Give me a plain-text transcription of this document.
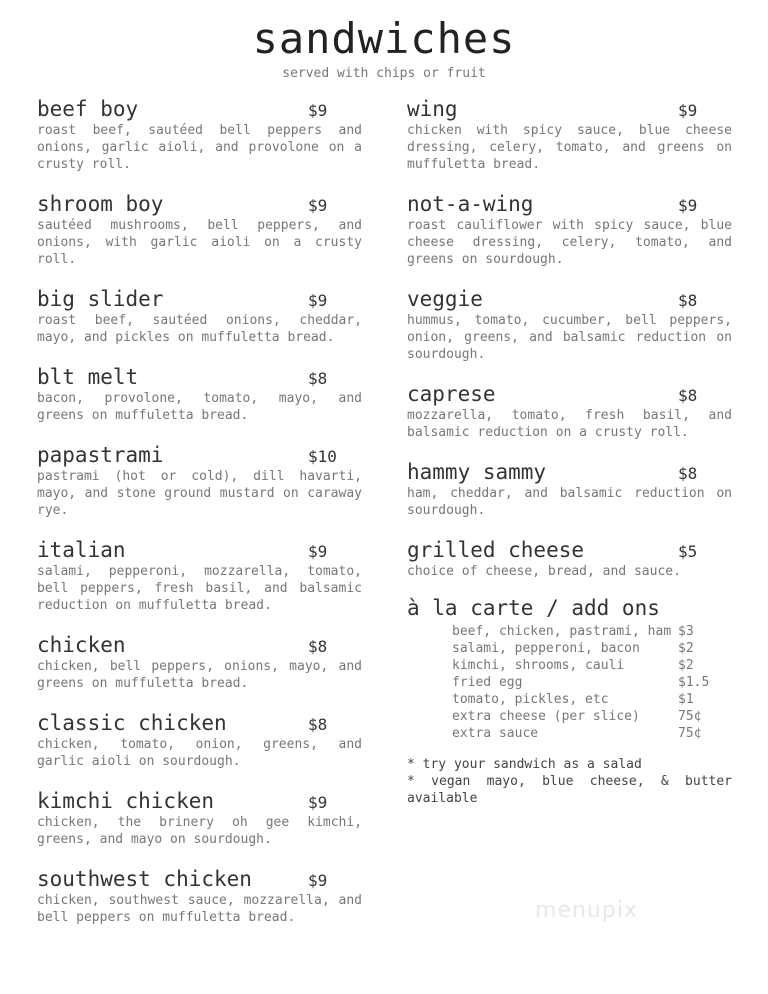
sandwiches
served with chips or fruit
beef boy	$9
roast beef, sautéed bell peppers and onions, garlic aioli, and provolone on a crusty roll.
shroom boy	$9
sautéed mushrooms, bell peppers, and onions, with garlic aioli on a crusty roll.
big slider	$9
roast beef, sautéed onions, cheddar, mayo, and pickles on muffuletta bread.
blt melt	$8
bacon, provolone, tomato, mayo, and greens on muffuletta bread.
papastrami	$10
pastrami (hot or cold), dill havarti, mayo, and stone ground mustard on caraway rye.
italian	$9
salami, pepperoni, mozzarella, tomato, bell peppers, fresh basil, and balsamic reduction on muffuletta bread.
chicken	$8
chicken, bell peppers, onions, mayo, and greens on muffuletta bread.
classic chicken	$8
chicken, tomato, onion, greens, and garlic aioli on sourdough.
kimchi chicken	$9
chicken, the brinery oh gee kimchi, greens, and mayo on sourdough.
southwest chicken	$9
chicken, southwest sauce, mozzarella, and bell peppers on muffuletta bread.
wing	$9
chicken with spicy sauce, blue cheese dressing, celery, tomato, and greens on muffuletta bread.
not-a-wing	$9
roast cauliflower with spicy sauce, blue cheese dressing, celery, tomato, and greens on sourdough.
veggie	$8
hummus, tomato, cucumber, bell peppers, onion, greens, and balsamic reduction on sourdough.
caprese	$8
mozzarella, tomato, fresh basil, and balsamic reduction on a crusty roll.
hammy sammy	$8
ham, cheddar, and balsamic reduction on sourdough.
grilled cheese	$5
choice of cheese, bread, and sauce.
à la carte / add ons
beef, chicken, pastrami, ham $3
salami, pepperoni, bacon	$2
kimchi, shrooms, cauli	$2
fried egg	$1.5
tomato, pickles, etc	$1
extra cheese (per slice)	75¢
extra sauce	75¢
* try your sandwich as a salad
* vegan mayo, blue cheese, & butter available
menupix
